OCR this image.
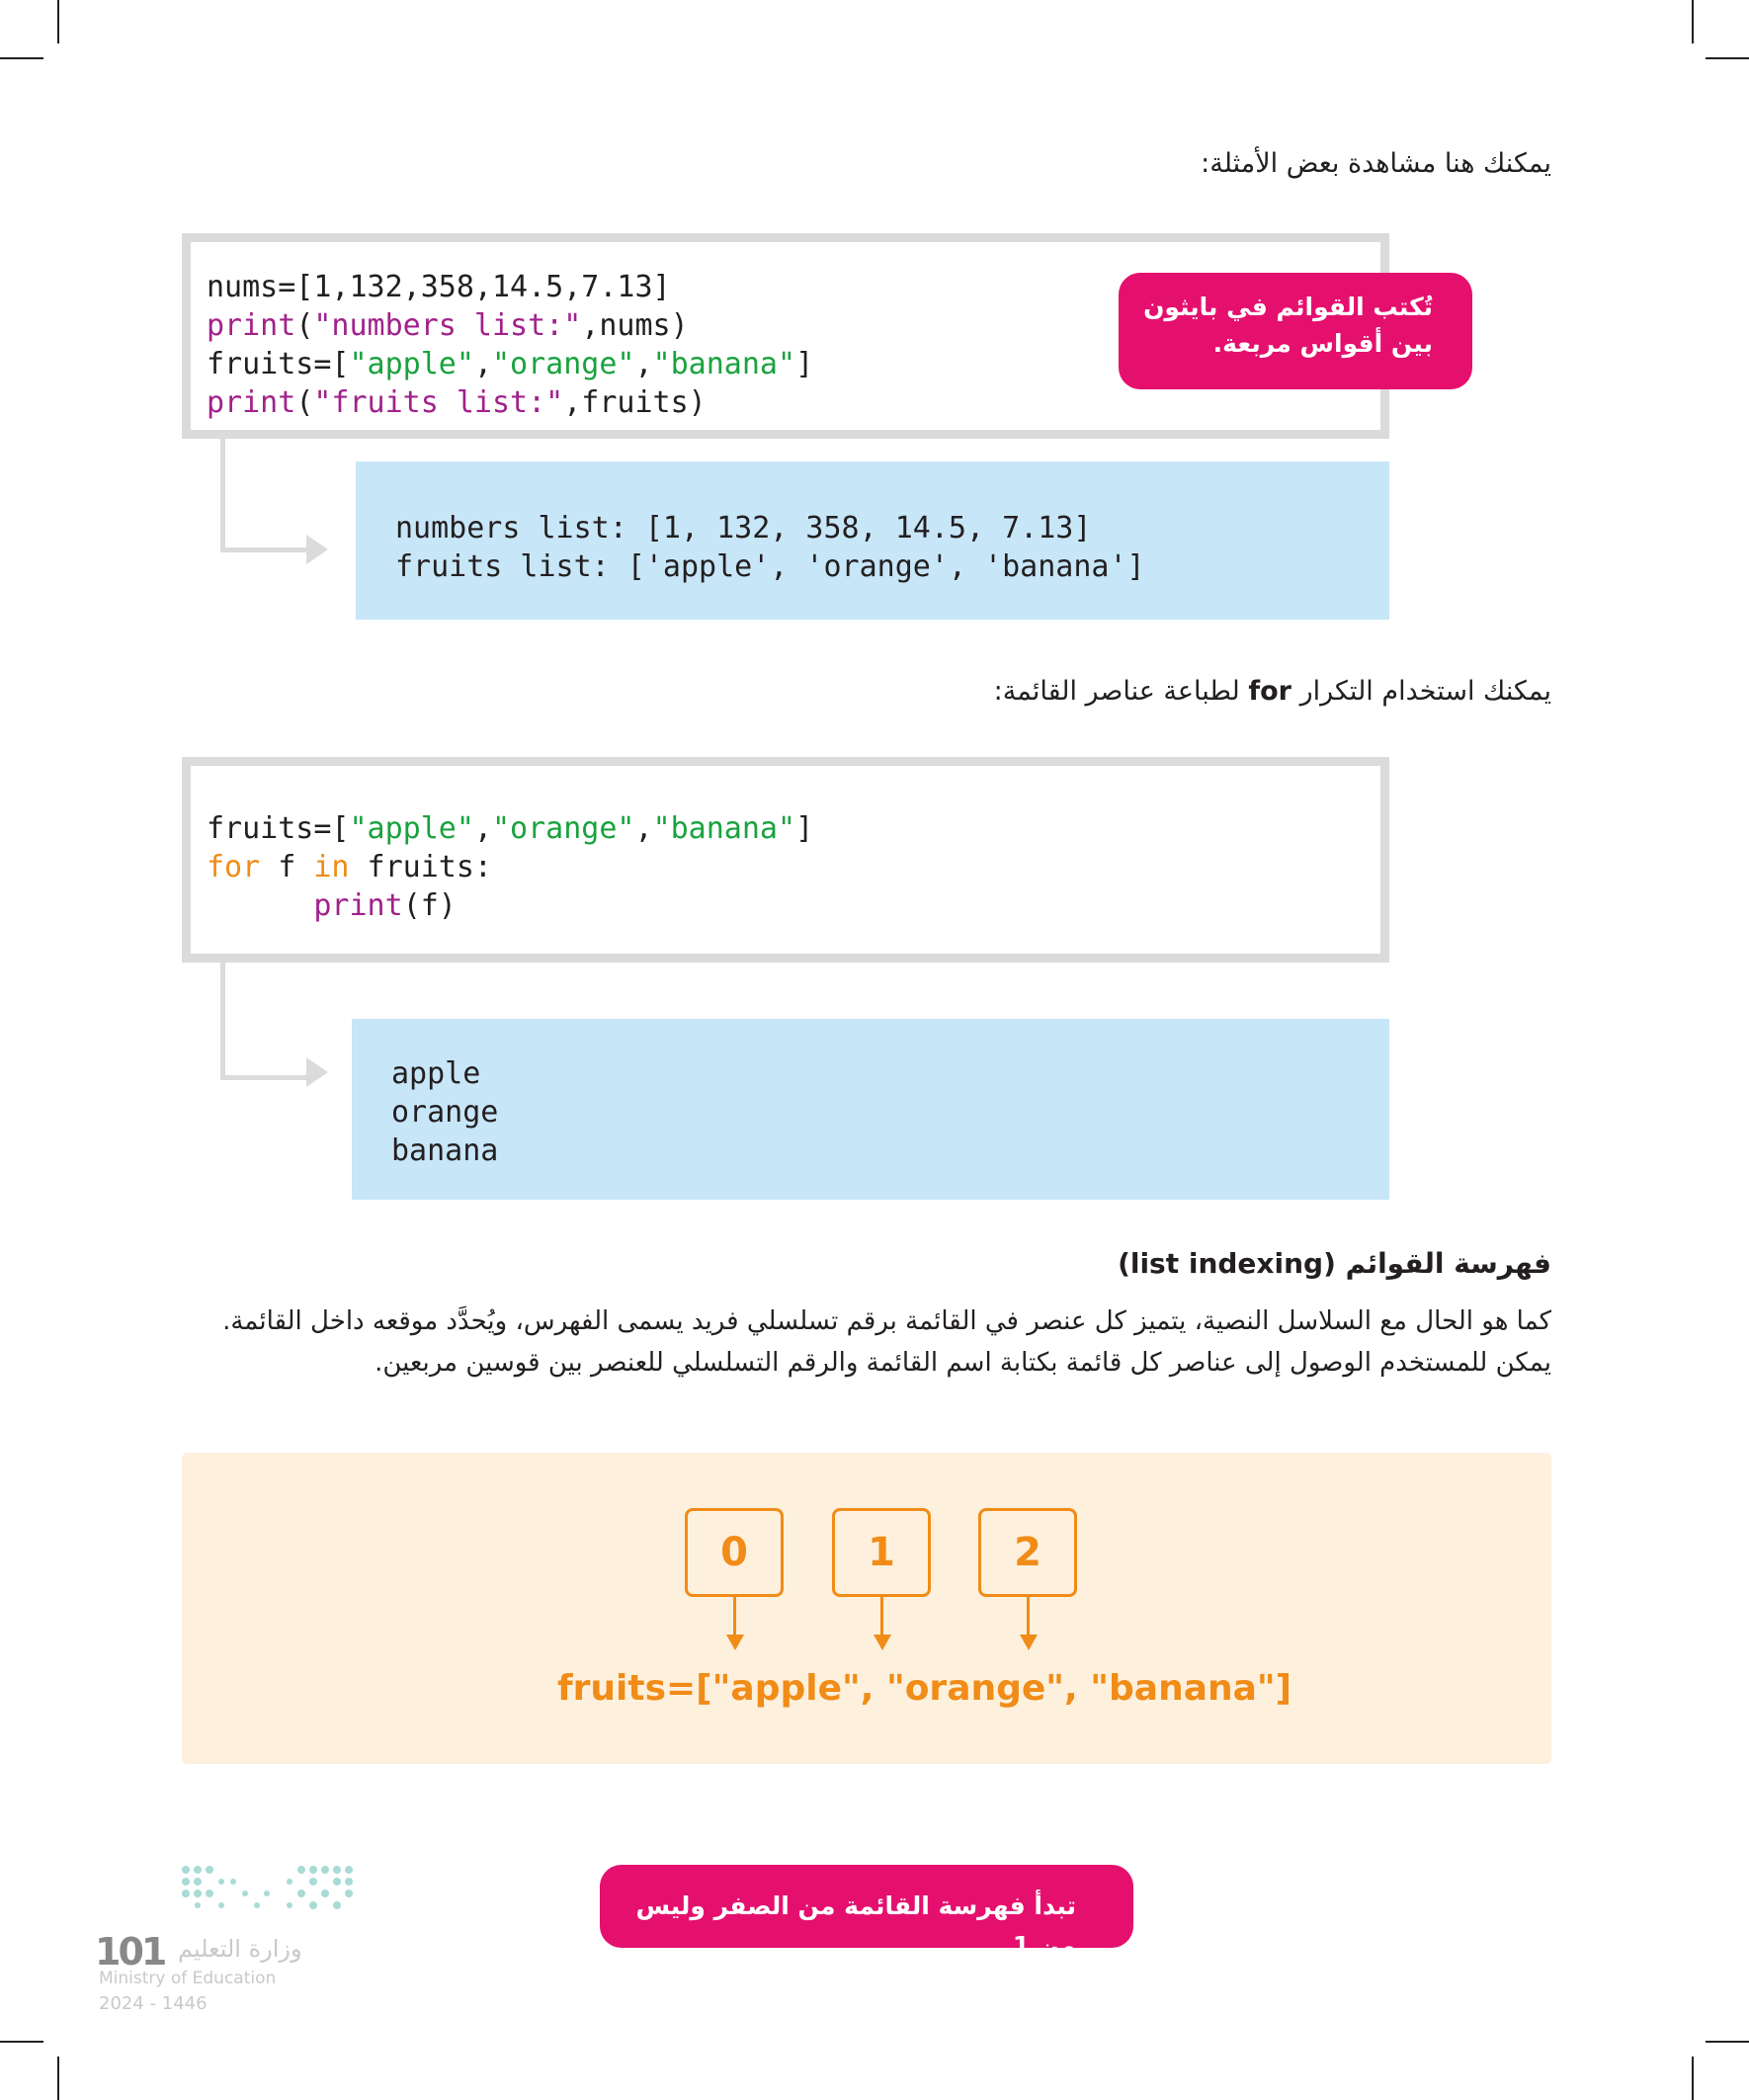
يمكنك هنا مشاهدة بعض الأمثلة:
nums=[1,132,358,14.5,7.13]
print("numbers list:",nums)
fruits=["apple","orange","banana"]
print("fruits list:",fruits)
تُكتب القوائم في بايثون بين أقواس مربعة.
numbers list: [1, 132, 358, 14.5, 7.13]
fruits list: ['apple', 'orange', 'banana']
يمكنك استخدام التكرار for لطباعة عناصر القائمة:
fruits=["apple","orange","banana"]
for f in fruits:
print(f)
apple
orange
banana
فهرسة القوائم (list indexing)
كما هو الحال مع السلاسل النصية، يتميز كل عنصر في القائمة برقم تسلسلي فريد يسمى الفهرس، ويُحدَّد موقعه داخل القائمة. يمكن للمستخدم الوصول إلى عناصر كل قائمة بكتابة اسم القائمة والرقم التسلسلي للعنصر بين قوسين مربعين.
0	1	2
fruits=["apple", "orange", "banana"]
تبدأ فهرسة القائمة من الصفر وليس من 1.
101 وزارة التعليم
Ministry of Education
2024 - 1446
